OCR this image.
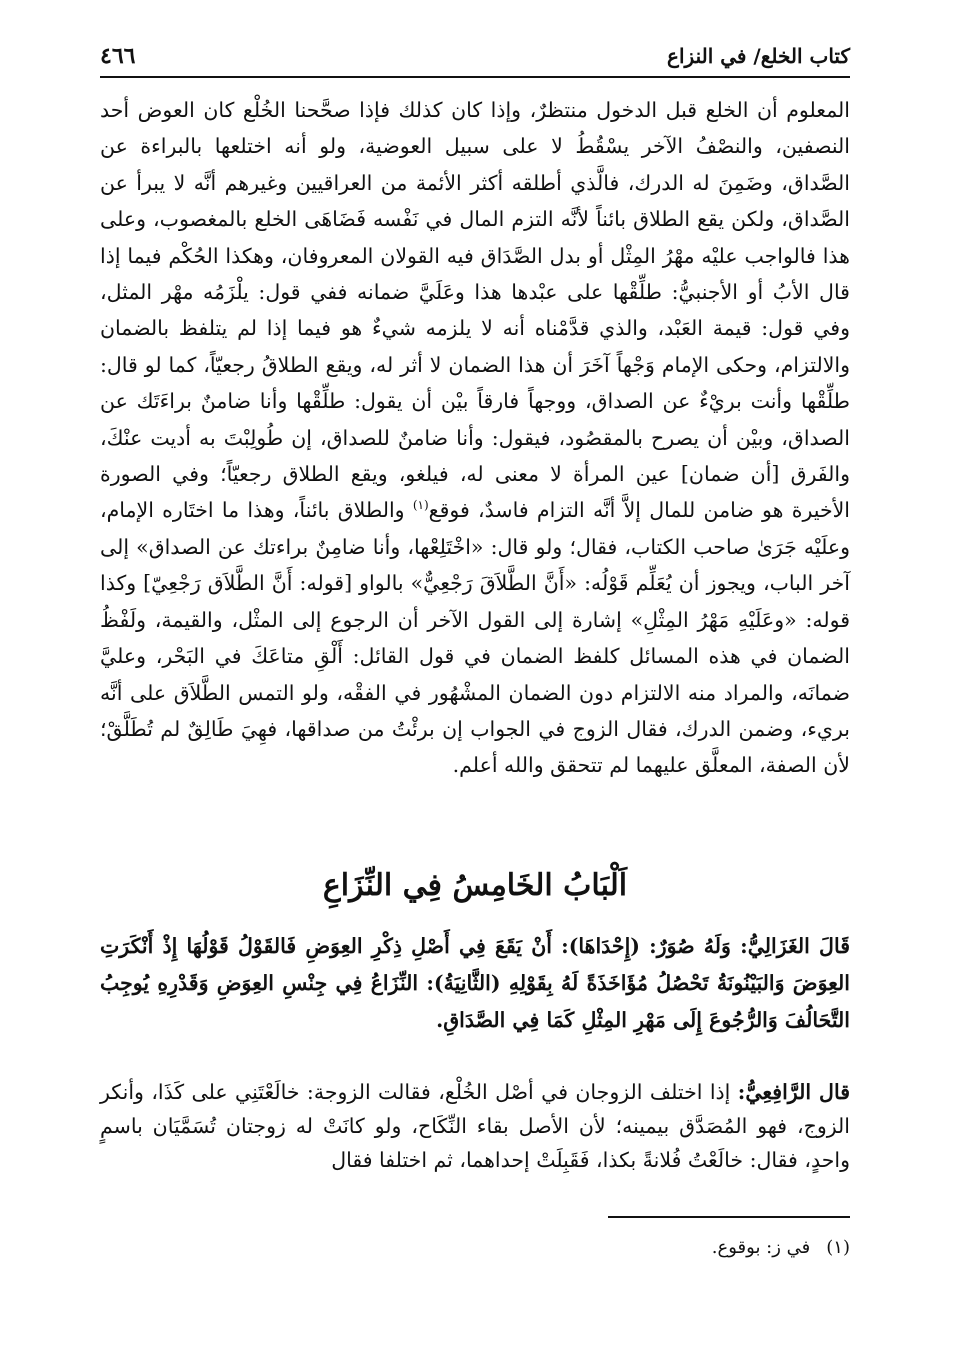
كتاب الخلع/ في النزاع
٤٦٦

المعلوم أن الخلع قبل الدخول منتظرٌ، وإذا كان كذلك فإذا صحَّحنا الخُلْع كان العوض أحد النصفين، والنصْفُ الآخر يسْقُطُ لا على سبيل العوضية، ولو أنه اختلعها بالبراءة عن الصَّداق، وضَمِنَ له الدرك، فالَّذي أطلقه أكثر الأئمة من العراقيين وغيرهم أنَّه لا يبرأ عن الصَّداق، ولكن يقع الطلاق بائناً لأنَّه التزم المال في نَفْسه فَضَاهَى الخلع بالمغصوب، وعلى هذا فالواجب عليْه مهْرُ المِثْل أو بدل الصَّدَاق فيه القولان المعروفان، وهكذا الحُكْم فيما إذا قال الأبُ أو الأجنبيُّ: طلِّقْها على عبْدها هذا وعَلَيَّ ضمانه ففي قول: يلْزَمُه مهْر المثل، وفي قول: قيمة العَبْد، والذي قدَّمْناه أنه لا يلزمه شيءٌ هو فيما إذا لم يتلفظ بالضمان والالتزام، وحكى الإمام وَجْهاً آخَرَ أن هذا الضمان لا أثر له، ويقع الطلاقُ رجعيّاً، كما لو قال: طلِّقْها وأنت بريْءٌ عن الصداق، ووجهاً فارقاً بيْن أن يقول: طلِّقْها وأنا ضامنٌ براءَتَك عن الصداق، وبيْن أن يصرح بالمقصُود، فيقول: وأنا ضامنٌ للصداق، إن طُولِبْتَ به أديت عنْكَ، والفَرق [أن ضمان] عين المرأة لا معنى له، فيلغو، ويقع الطلاق رجعيّاً؛ وفي الصورة الأخيرة هو ضامن للمال إلاَّ أنَّه التزام فاسدٌ، فوقع$^{(١)}$ والطلاق بائناً، وهذا ما اختَاره الإمام، وعلَيْه جَرَىٰ صاحب الكتاب، فقال؛ ولو قال: «اخْتَلِعْها، وأنا ضامِنٌ براءتك عن الصداق» إلى آخر الباب، ويجوز أن يُعَلِّم قَوْلُه: «أَنَّ الطَّلاَقَ رَجْعِيٌّ» بالواو [قوله: أَنَّ الطَّلاَق رَجْعِيّ] وكذا قوله: «وعَلَيْهِ مَهْرُ المِثْلِ» إشارة إلى القول الآخر أن الرجوع إلى المثْل، والقيمة، ولَفْظُ الضمان في هذه المسائل كلفظ الضمان في قول القائل: أَلْقِ متاعَكَ في البَحْر، وعليَّ ضمانَه، والمراد منه الالتزام دون الضمان المشْهُور في الفقْه، ولو التمس الطَّلاَق على أنَّه بريء، وضمن الدرك، فقال الزوج في الجواب إن برئْتُ من صداقها، فهِيَ طَالِقٌ لم تُطَلَّقْ؛ لأن الصفة، المعلَّق عليهما لم تتحقق والله أعلم.

اَلْبَابُ الخَامِسُ فِي النِّزَاعِ

قَالَ الغَزَالِيُّ: وَلَهُ صُوَرٌ: (إِحْدَاهَا): أَنْ يَقَعَ فِي أَصْلِ ذِكْرِ العِوَضِ فَالقَوْلُ قَوْلُهَا إِذْ أَنْكَرَتِ العِوَضَ وَالبَيْنُونَةُ تَحْصُلُ مُؤَاخَذَةً لَهُ بِقَوْلِهِ (الثَّانِيَةُ): النِّزَاعُ فِي جِنْسِ العِوَضِ وَقَدْرِهِ يُوجِبُ التَّحَالُفَ وَالرُّجُوعَ إِلَى مَهْرِ المِثْلِ كَمَا فِي الصَّدَاقِ.

قال الرَّافِعِيُّ: إذا اختلف الزوجان في أصْل الخُلْع، فقالت الزوجة: خالَعْتَنِي على كَذَا، وأنكر الزوج، فهو المُصَدَّق بيمينه؛ لأن الأصل بقاء النِّكَاح، ولو كانَتْ له زوجتان تُسَمَّيَان باسمٍ واحدٍ، فقال: خالَعْتُ فُلانةً بكذا، فَقَبِلَتْ إحداهما، ثم اختلفا فقال

(١)في ز: بوقوع.
